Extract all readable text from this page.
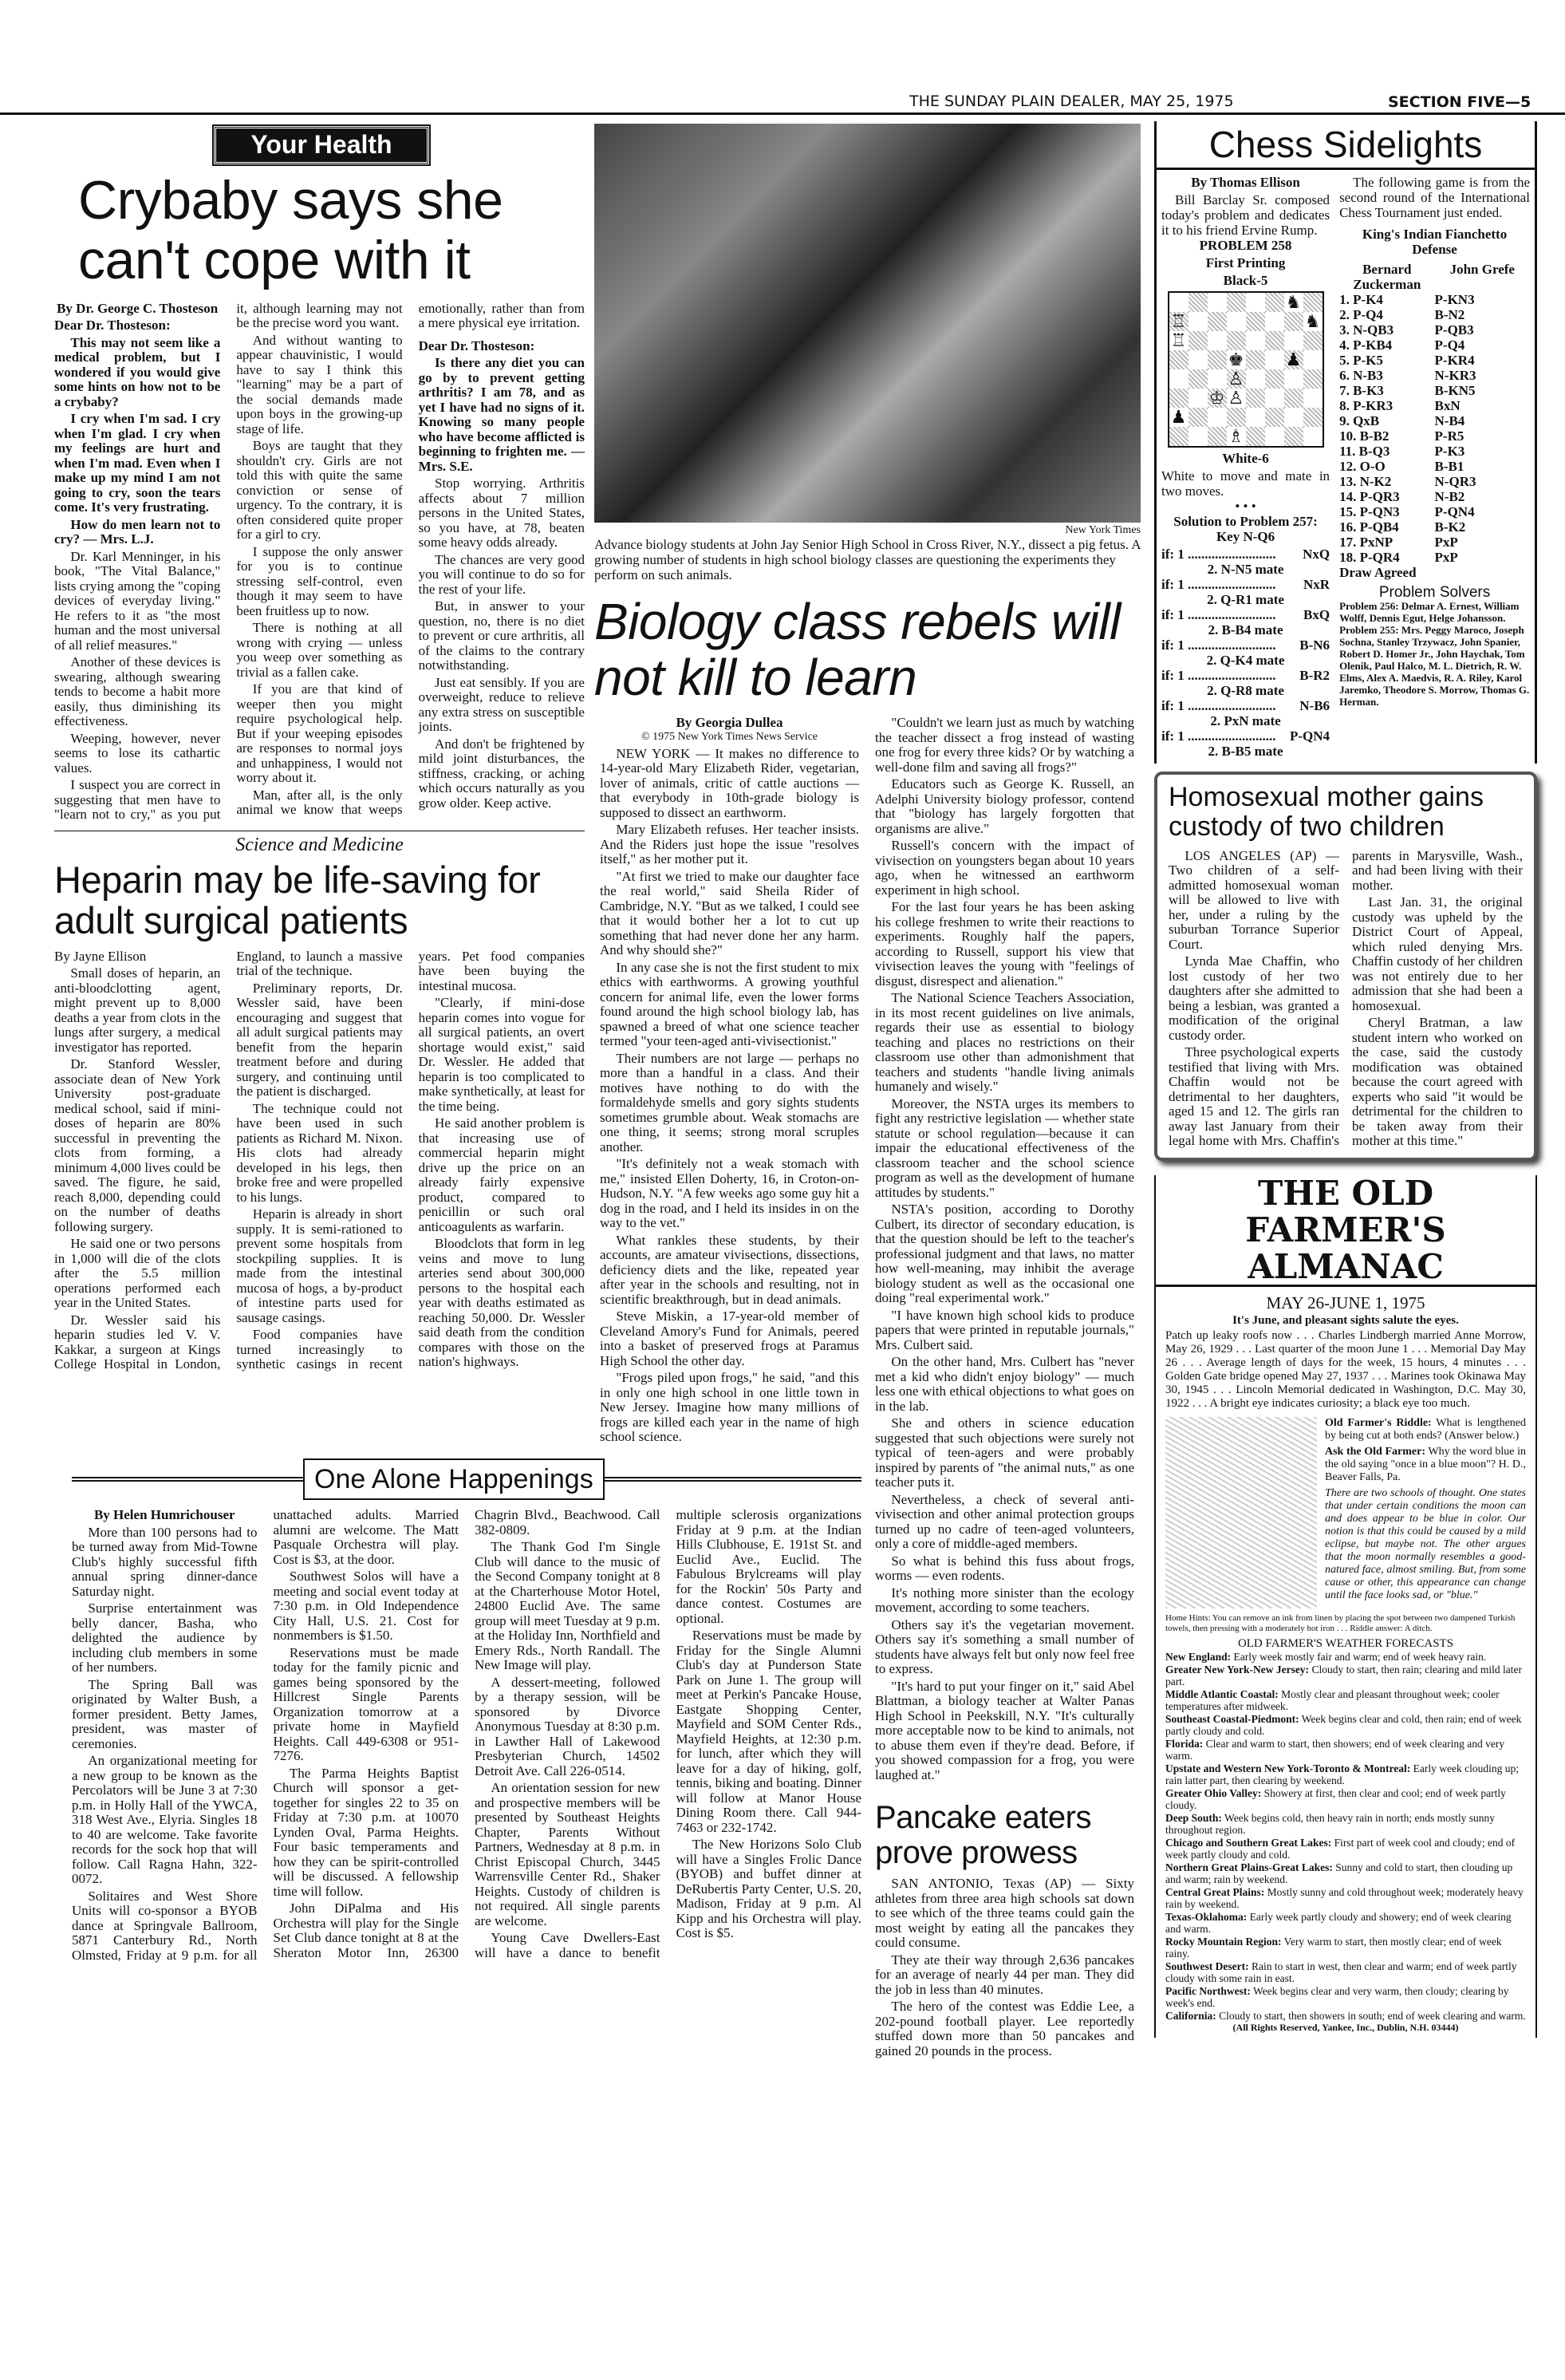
THE SUNDAY PLAIN DEALER, MAY 25, 1975	SECTION FIVE—5
Your Health
Crybaby says she can't cope with it
By Dr. George C. Thosteson

Dear Dr. Thosteson:

This may not seem like a medical problem, but I wondered if you would give some hints on how not to be a crybaby?

I cry when I'm sad. I cry when I'm glad. I cry when my feelings are hurt and when I'm mad. Even when I make up my mind I am not going to cry, soon the tears come. It's very frustrating.

How do men learn not to cry? — Mrs. L.J.

Dr. Karl Menninger, in his book, "The Vital Balance," lists crying among the "coping devices of everyday living." He refers to it as "the most human and the most universal of all relief measures."

Another of these devices is swearing, although swearing tends to become a habit more easily, thus diminishing its effectiveness.

Weeping, however, never seems to lose its cathartic values.

I suspect you are correct in suggesting that men have to "learn not to cry," as you put it, although learning may not be the precise word you want.

And without wanting to appear chauvinistic, I would have to say I think this "learning" may be a part of the social demands made upon boys in the growing-up stage of life.

Boys are taught that they shouldn't cry. Girls are not told this with quite the same conviction or sense of urgency. To the contrary, it is often considered quite proper for a girl to cry.

I suppose the only answer for you is to continue stressing self-control, even though it may seem to have been fruitless up to now.

There is nothing at all wrong with crying — unless you weep over something as trivial as a fallen cake.

If you are that kind of weeper then you might require psychological help. But if your weeping episodes are responses to normal joys and unhappiness, I would not worry about it.

Man, after all, is the only animal we know that weeps emotionally, rather than from a mere physical eye irritation.

Dear Dr. Thosteson:

Is there any diet you can go by to prevent getting arthritis? I am 78, and as yet I have had no signs of it. Knowing so many people who have become afflicted is beginning to frighten me. — Mrs. S.E.

Stop worrying. Arthritis affects about 7 million persons in the United States, so you have, at 78, beaten some heavy odds already.

The chances are very good you will continue to do so for the rest of your life.

But, in answer to your question, no, there is no diet to prevent or cure arthritis, all of the claims to the contrary notwithstanding.

Just eat sensibly. If you are overweight, reduce to relieve any extra stress on susceptible joints.

And don't be frightened by mild joint disturbances, the stiffness, cracking, or aching which occurs naturally as you grow older. Keep active.

Science and Medicine
Heparin may be life-saving for adult surgical patients
By Jayne Ellison

Small doses of heparin, an anti-bloodclotting agent, might prevent up to 8,000 deaths a year from clots in the lungs after surgery, a medical investigator has reported.

Dr. Stanford Wessler, associate dean of New York University post-graduate medical school, said if mini-doses of heparin are 80% successful in preventing the clots from forming, a minimum 4,000 lives could be saved. The figure, he said, reach 8,000, depending could on the number of deaths following surgery.

He said one or two persons in 1,000 will die of the clots after the 5.5 million operations performed each year in the United States.

Dr. Wessler said his heparin studies led V. V. Kakkar, a surgeon at Kings College Hospital in London, England, to launch a massive trial of the technique.

Preliminary reports, Dr. Wessler said, have been encouraging and suggest that all adult surgical patients may benefit from the heparin treatment before and during surgery, and continuing until the patient is discharged.

The technique could not have been used in such patients as Richard M. Nixon. His clots had already developed in his legs, then broke free and were propelled to his lungs.

Heparin is already in short supply. It is semi-rationed to prevent some hospitals from stockpiling supplies. It is made from the intestinal mucosa of hogs, a by-product of intestine parts used for sausage casings.

Food companies have turned increasingly to synthetic casings in recent years. Pet food companies have been buying the intestinal mucosa.

"Clearly, if mini-dose heparin comes into vogue for all surgical patients, an overt shortage would exist," said Dr. Wessler. He added that heparin is too complicated to make synthetically, at least for the time being.

He said another problem is that increasing use of commercial heparin might drive up the price on an already fairly expensive product, compared to penicillin or such oral anticoagulents as warfarin.

Bloodclots that form in leg veins and move to lung arteries send about 300,000 persons to the hospital each year with deaths estimated as reaching 50,000. Dr. Wessler said death from the condition compares with those on the nation's highways.

New York Times
Advance biology students at John Jay Senior High School in Cross River, N.Y., dissect a pig fetus. A growing number of students in high school biology classes are questioning the experiments they perform on such animals.
Biology class rebels will not kill to learn
By Georgia Dullea
© 1975 New York Times News Service

NEW YORK — It makes no difference to 14-year-old Mary Elizabeth Rider, vegetarian, lover of animals, critic of cattle auctions — that everybody in 10th-grade biology is supposed to dissect an earthworm.

Mary Elizabeth refuses. Her teacher insists. And the Riders just hope the issue "resolves itself," as her mother put it.

"At first we tried to make our daughter face the real world," said Sheila Rider of Cambridge, N.Y. "But as we talked, I could see that it would bother her a lot to cut up something that had never done her any harm. And why should she?"

In any case she is not the first student to mix ethics with earthworms. A growing youthful concern for animal life, even the lower forms found around the high school biology lab, has spawned a breed of what one science teacher termed "your teen-aged anti-vivisectionist."

Their numbers are not large — perhaps no more than a handful in a class. And their motives have nothing to do with the formaldehyde smells and gory sights students sometimes grumble about. Weak stomachs are one thing, it seems; strong moral scruples another.

"It's definitely not a weak stomach with me," insisted Ellen Doherty, 16, in Croton-on-Hudson, N.Y. "A few weeks ago some guy hit a dog in the road, and I held its insides in on the way to the vet."

What rankles these students, by their accounts, are amateur vivisections, dissections, deficiency diets and the like, repeated year after year in the schools and resulting, not in scientific breakthrough, but in dead animals.

Steve Miskin, a 17-year-old member of Cleveland Amory's Fund for Animals, peered into a basket of preserved frogs at Paramus High School the other day.

"Frogs piled upon frogs," he said, "and this in only one high school in one little town in New Jersey. Imagine how many millions of frogs are killed each year in the name of high school science.

"Couldn't we learn just as much by watching the teacher dissect a frog instead of wasting one frog for every three kids? Or by watching a well-done film and saving all frogs?"

Educators such as George K. Russell, an Adelphi University biology professor, contend that "biology has largely forgotten that organisms are alive."

Russell's concern with the impact of vivisection on youngsters began about 10 years ago, when he witnessed an earthworm experiment in high school.

For the last four years he has been asking his college freshmen to write their reactions to experiments. Roughly half the papers, according to Russell, support his view that vivisection leaves the young with "feelings of disgust, disrespect and alienation."

The National Science Teachers Association, in its most recent guidelines on live animals, regards their use as essential to biology teaching and places no restrictions on their classroom use other than admonishment that teachers and students "handle living animals humanely and wisely."

Moreover, the NSTA urges its members to fight any restrictive legislation — whether state statute or school regulation—because it can impair the educational effectiveness of the classroom teacher and the school science program as well as the development of humane attitudes by students."

NSTA's position, according to Dorothy Culbert, its director of secondary education, is that the question should be left to the teacher's professional judgment and that laws, no matter how well-meaning, may inhibit the average biology student as well as the occasional one doing "real experimental work."

"I have known high school kids to produce papers that were printed in reputable journals," Mrs. Culbert said.

On the other hand, Mrs. Culbert has "never met a kid who didn't enjoy biology" — much less one with ethical objections to what goes on in the lab.

She and others in science education suggested that such objections were surely not typical of teen-agers and were probably inspired by parents of "the animal nuts," as one teacher puts it.

Nevertheless, a check of several anti-vivisection and other animal protection groups turned up no cadre of teen-aged volunteers, only a core of middle-aged members.

So what is behind this fuss about frogs, worms — even rodents.

It's nothing more sinister than the ecology movement, according to some teachers.

Others say it's the vegetarian movement. Others say it's something a small number of students have always felt but only now feel free to express.

"It's hard to put your finger on it," said Abel Blattman, a biology teacher at Walter Panas High School in Peekskill, N.Y. "It's culturally more acceptable now to be kind to animals, not to abuse them even if they're dead. Before, if you showed compassion for a frog, you were laughed at."

Pancake eaters prove prowess

SAN ANTONIO, Texas (AP) — Sixty athletes from three area high schools sat down to see which of the three teams could gain the most weight by eating all the pancakes they could consume.

They ate their way through 2,636 pancakes for an average of nearly 44 per man. They did the job in less than 40 minutes.

The hero of the contest was Eddie Lee, a 202-pound football player. Lee reportedly stuffed down more than 50 pancakes and gained 20 pounds in the process.

One Alone Happenings
By Helen Humrichouser

More than 100 persons had to be turned away from Mid-Towne Club's highly successful fifth annual spring dinner-dance Saturday night.

Surprise entertainment was belly dancer, Basha, who delighted the audience by including club members in some of her numbers.

The Spring Ball was originated by Walter Bush, a former president. Betty James, president, was master of ceremonies.

An organizational meeting for a new group to be known as the Percolators will be June 3 at 7:30 p.m. in Holly Hall of the YWCA, 318 West Ave., Elyria. Singles 18 to 40 are welcome. Take favorite records for the sock hop that will follow. Call Ragna Hahn, 322-0072.

Solitaires and West Shore Units will co-sponsor a BYOB dance at Springvale Ballroom, 5871 Canterbury Rd., North Olmsted, Friday at 9 p.m. for all unattached adults. Married alumni are welcome. The Matt Pasquale Orchestra will play. Cost is $3, at the door.

Southwest Solos will have a meeting and social event today at 7:30 p.m. in Old Independence City Hall, U.S. 21. Cost for nonmembers is $1.50.

Reservations must be made today for the family picnic and games being sponsored by the Hillcrest Single Parents Organization tomorrow at a private home in Mayfield Heights. Call 449-6308 or 951-7276.

The Parma Heights Baptist Church will sponsor a get-together for singles 22 to 35 on Friday at 7:30 p.m. at 10070 Lynden Oval, Parma Heights. Four basic temperaments and how they can be spirit-controlled will be discussed. A fellowship time will follow.

John DiPalma and His Orchestra will play for the Single Set Club dance tonight at 8 at the Sheraton Motor Inn, 26300 Chagrin Blvd., Beachwood. Call 382-0809.

The Thank God I'm Single Club will dance to the music of the Second Company tonight at 8 at the Charterhouse Motor Hotel, 24800 Euclid Ave. The same group will meet Tuesday at 9 p.m. at the Holiday Inn, Northfield and Emery Rds., North Randall. The New Image will play.

A dessert-meeting, followed by a therapy session, will be sponsored by Divorce Anonymous Tuesday at 8:30 p.m. in Lawther Hall of Lakewood Presbyterian Church, 14502 Detroit Ave. Call 226-0514.

An orientation session for new and prospective members will be presented by Southeast Heights Chapter, Parents Without Partners, Wednesday at 8 p.m. in Christ Episcopal Church, 3445 Warrensville Center Rd., Shaker Heights. Custody of children is not required. All single parents are welcome.

Young Cave Dwellers-East will have a dance to benefit multiple sclerosis organizations Friday at 9 p.m. at the Indian Hills Clubhouse, E. 191st St. and Euclid Ave., Euclid. The Fabulous Brylcreams will play for the Rockin' 50s Party and dance contest. Costumes are optional.

Reservations must be made by Friday for the Single Alumni Club's day at Punderson State Park on June 1. The group will meet at Perkin's Pancake House, Eastgate Shopping Center, Mayfield and SOM Center Rds., Mayfield Heights, at 12:30 p.m. for lunch, after which they will leave for a day of hiking, golf, tennis, biking and boating. Dinner will follow at Manor House Dining Room there. Call 944-7463 or 232-1742.

The New Horizons Solo Club will have a Singles Frolic Dance (BYOB) and buffet dinner at DeRubertis Party Center, U.S. 20, Madison, Friday at 9 p.m. Al Kipp and his Orchestra will play. Cost is $5.

Chess Sidelights
By Thomas Ellison

Bill Barclay Sr. composed today's problem and dedicates it to his friend Ervine Rump.

PROBLEM 258
First Printing
Black-5
♞
♖	♞
♖
♚ ♟
♙
♔ ♙
♟
♗
White-6

White to move and mate in two moves.

• • •
Solution to Problem 257: Key N-Q6
if: 1 .......................... NxQ
2. N-N5 mate
if: 1 .......................... NxR
2. Q-R1 mate
if: 1 .......................... BxQ
2. B-B4 mate
if: 1 .......................... B-N6
2. Q-K4 mate
if: 1 .......................... B-R2
2. Q-R8 mate
if: 1 .......................... N-B6
2. PxN mate
if: 1 .......................... P-QN4
2. B-B5 mate

The following game is from the second round of the International Chess Tournament just ended.

King's Indian Fianchetto Defense
Bernard Zuckerman
John Grefe
1. P-K4	P-KN3
2. P-Q4	B-N2
3. N-QB3	P-QB3
4. P-KB4	P-Q4
5. P-K5	P-KR4
6. N-B3	N-KR3
7. B-K3	B-KN5
8. P-KR3	BxN
9. QxB	N-B4
10. B-B2	P-R5
11. B-Q3	P-K3
12. O-O	B-B1
13. N-K2	N-QR3
14. P-QR3	N-B2
15. P-QN3	P-QN4
16. P-QB4	B-K2
17. PxNP	PxP
18. P-QR4	PxP
Draw Agreed
Problem Solvers
Problem 256: Delmar A. Ernest, William Wolff, Dennis Egut, Helge Johansson. Problem 255: Mrs. Peggy Maroco, Joseph Sochna, Stanley Trzywacz, John Spanier, Robert D. Homer Jr., John Haychak, Tom Olenik, Paul Halco, M. L. Dietrich, R. W. Elms, Alex A. Maedvis, R. A. Riley, Karol Jaremko, Theodore S. Morrow, Thomas G. Herman.
Homosexual mother gains custody of two children

LOS ANGELES (AP) — Two children of a self-admitted homosexual woman will be allowed to live with her, under a ruling by the suburban Torrance Superior Court.

Lynda Mae Chaffin, who lost custody of her two daughters after she admitted to being a lesbian, was granted a modification of the original custody order.

Three psychological experts testified that living with Mrs. Chaffin would not be detrimental to her daughters, aged 15 and 12. The girls ran away last January from their legal home with Mrs. Chaffin's parents in Marysville, Wash., and had been living with their mother.

Last Jan. 31, the original custody was upheld by the District Court of Appeal, which ruled denying Mrs. Chaffin custody of her children was not entirely due to her admission that she had been a homosexual.

Cheryl Bratman, a law student intern who worked on the case, said the custody modification was obtained because the court agreed with experts who said "it would be detrimental for the children to be taken away from their mother at this time."

THE OLD FARMER'S ALMANAC
MAY 26-JUNE 1, 1975
It's June, and pleasant sights salute the eyes.

Patch up leaky roofs now . . . Charles Lindbergh married Anne Morrow, May 26, 1929 . . . Last quarter of the moon June 1 . . . Memorial Day May 26 . . . Average length of days for the week, 15 hours, 4 minutes . . . Golden Gate bridge opened May 27, 1937 . . . Marines took Okinawa May 30, 1945 . . . Lincoln Memorial dedicated in Washington, D.C. May 30, 1922 . . . A bright eye indicates curiosity; a black eye too much.

Old Farmer's Riddle: What is lengthened by being cut at both ends? (Answer below.)

Ask the Old Farmer: Why the word blue in the old saying "once in a blue moon"? H. D., Beaver Falls, Pa.

There are two schools of thought. One states that under certain conditions the moon can and does appear to be blue in color. Our notion is that this could be caused by a mild eclipse, but maybe not. The other argues that the moon normally resembles a good-natured face, almost smiling. But, from some cause or other, this appearance can change until the face looks sad, or "blue."

Home Hints: You can remove an ink from linen by placing the spot between two dampened Turkish towels, then pressing with a moderately hot iron . . . Riddle answer: A ditch.

OLD FARMER'S WEATHER FORECASTS

New England: Early week mostly fair and warm; end of week heavy rain.

Greater New York-New Jersey: Cloudy to start, then rain; clearing and mild later part.

Middle Atlantic Coastal: Mostly clear and pleasant throughout week; cooler temperatures after midweek.

Southeast Coastal-Piedmont: Week begins clear and cold, then rain; end of week partly cloudy and cold.

Florida: Clear and warm to start, then showers; end of week clearing and very warm.

Upstate and Western New York-Toronto & Montreal: Early week clouding up; rain latter part, then clearing by weekend.

Greater Ohio Valley: Showery at first, then clear and cool; end of week partly cloudy.

Deep South: Week begins cold, then heavy rain in north; ends mostly sunny throughout region.

Chicago and Southern Great Lakes: First part of week cool and cloudy; end of week partly cloudy and cold.

Northern Great Plains-Great Lakes: Sunny and cold to start, then clouding up and warm; rain by weekend.

Central Great Plains: Mostly sunny and cold throughout week; moderately heavy rain by weekend.

Texas-Oklahoma: Early week partly cloudy and showery; end of week clearing and warm.

Rocky Mountain Region: Very warm to start, then mostly clear; end of week rainy.

Southwest Desert: Rain to start in west, then clear and warm; end of week partly cloudy with some rain in east.

Pacific Northwest: Week begins clear and very warm, then cloudy; clearing by week's end.

California: Cloudy to start, then showers in south; end of week clearing and warm.

(All Rights Reserved, Yankee, Inc., Dublin, N.H. 03444)
